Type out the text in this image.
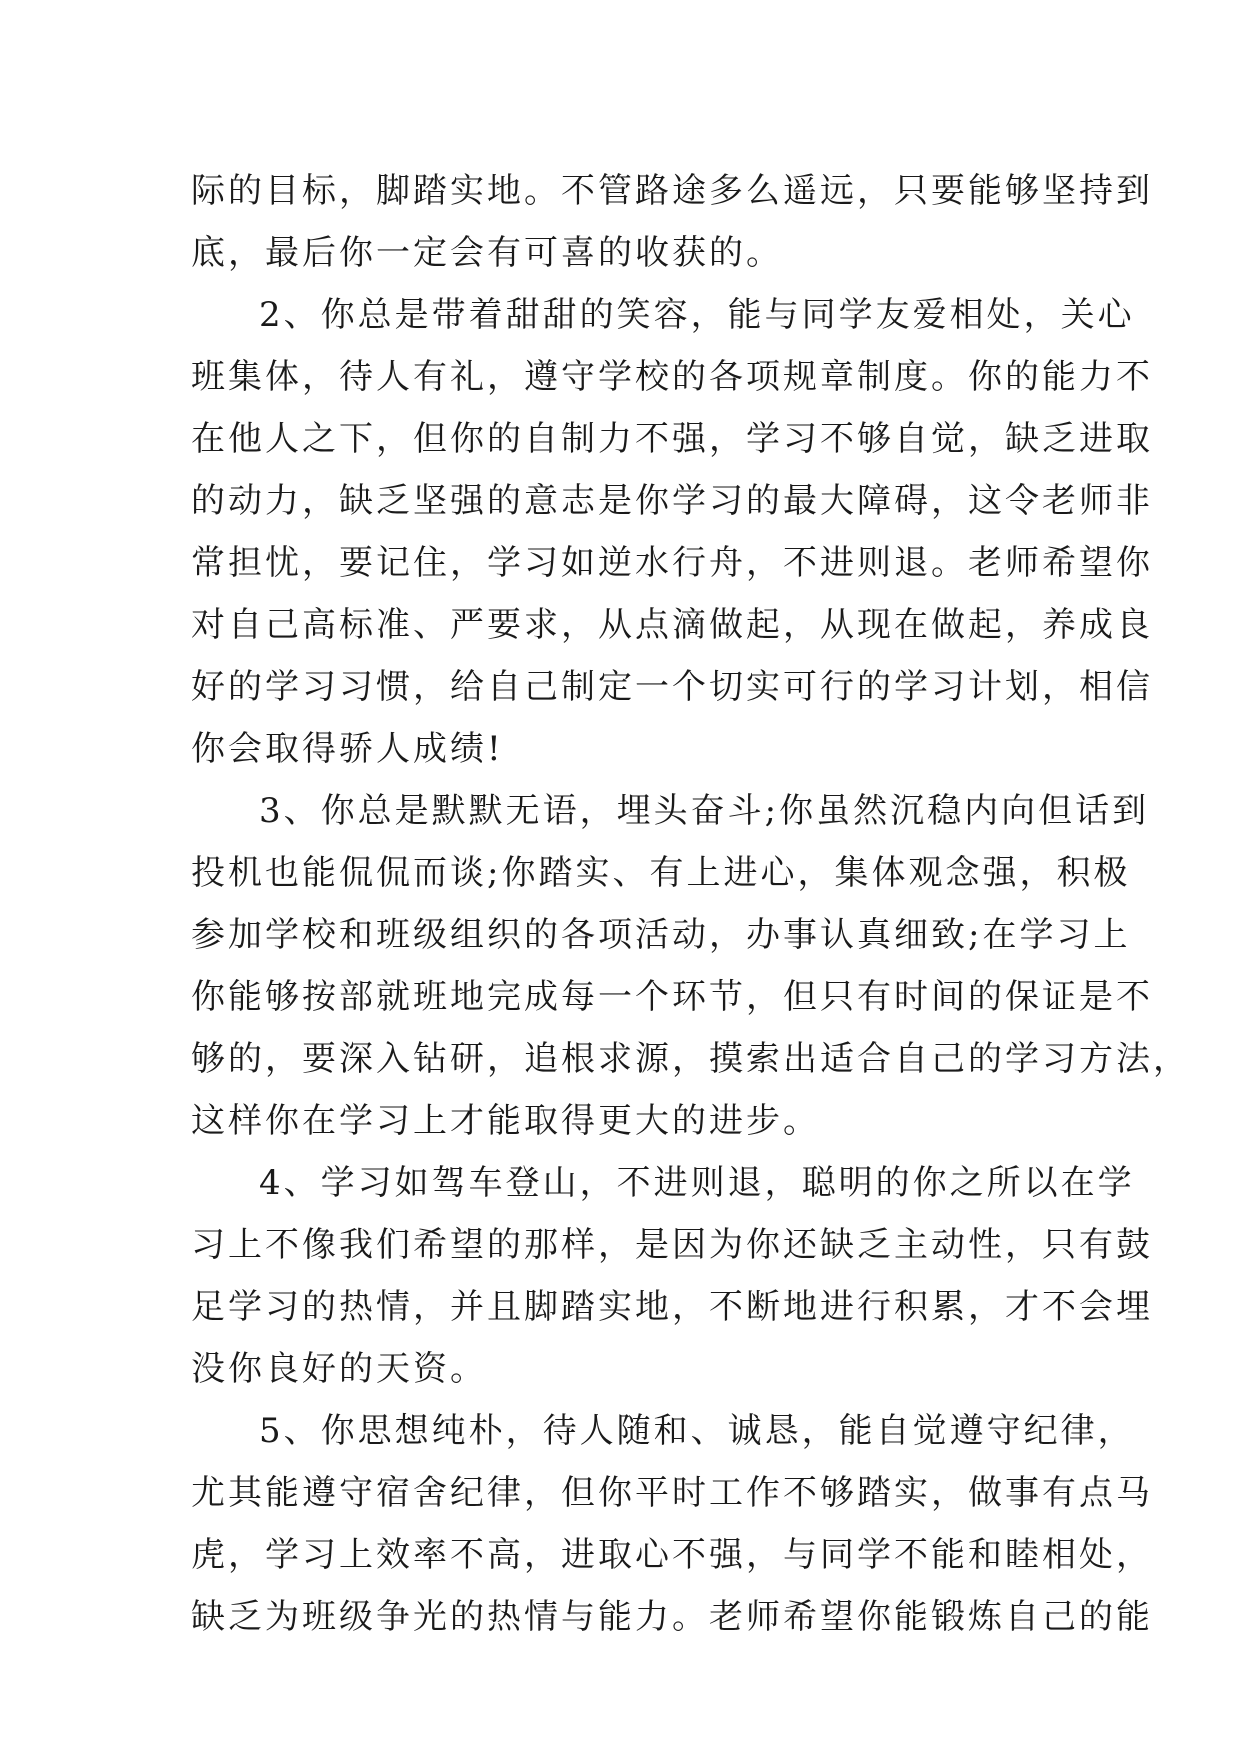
际的目标，脚踏实地。不管路途多么遥远，只要能够坚持到
底，最后你一定会有可喜的收获的。
2、你总是带着甜甜的笑容，能与同学友爱相处，关心
班集体，待人有礼，遵守学校的各项规章制度。你的能力不
在他人之下，但你的自制力不强，学习不够自觉，缺乏进取
的动力，缺乏坚强的意志是你学习的最大障碍，这令老师非
常担忧，要记住，学习如逆水行舟，不进则退。老师希望你
对自己高标准、严要求，从点滴做起，从现在做起，养成良
好的学习习惯，给自己制定一个切实可行的学习计划，相信
你会取得骄人成绩!
3、你总是默默无语，埋头奋斗;你虽然沉稳内向但话到
投机也能侃侃而谈;你踏实、有上进心，集体观念强，积极
参加学校和班级组织的各项活动，办事认真细致;在学习上
你能够按部就班地完成每一个环节，但只有时间的保证是不
够的，要深入钻研，追根求源，摸索出适合自己的学习方法，
这样你在学习上才能取得更大的进步。
4、学习如驾车登山，不进则退，聪明的你之所以在学
习上不像我们希望的那样，是因为你还缺乏主动性，只有鼓
足学习的热情，并且脚踏实地，不断地进行积累，才不会埋
没你良好的天资。
5、你思想纯朴，待人随和、诚恳，能自觉遵守纪律，
尤其能遵守宿舍纪律，但你平时工作不够踏实，做事有点马
虎，学习上效率不高，进取心不强，与同学不能和睦相处，
缺乏为班级争光的热情与能力。老师希望你能锻炼自己的能
